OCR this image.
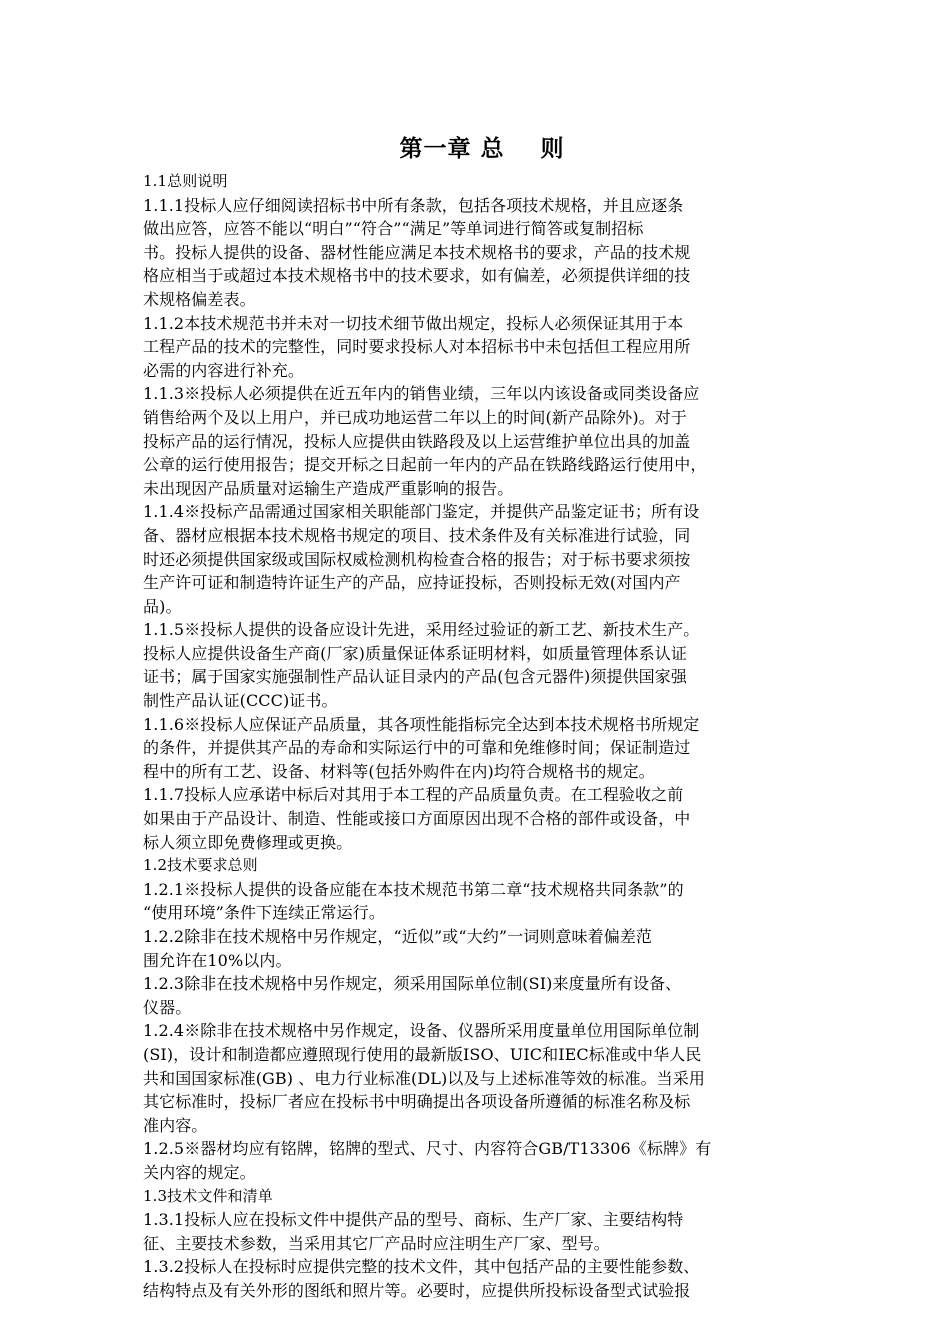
第一章 总    则
1.1总则说明
1.1.1投标人应仔细阅读招标书中所有条款，包括各项技术规格，并且应逐条
做出应答，应答不能以“明白”“符合”“满足”等单词进行简答或复制招标
书。投标人提供的设备、器材性能应满足本技术规格书的要求，产品的技术规
格应相当于或超过本技术规格书中的技术要求，如有偏差，必须提供详细的技
术规格偏差表。
1.1.2本技术规范书并未对一切技术细节做出规定，投标人必须保证其用于本
工程产品的技术的完整性，同时要求投标人对本招标书中未包括但工程应用所
必需的内容进行补充。
1.1.3※投标人必须提供在近五年内的销售业绩，三年以内该设备或同类设备应
销售给两个及以上用户，并已成功地运营二年以上的时间(新产品除外)。对于
投标产品的运行情况，投标人应提供由铁路段及以上运营维护单位出具的加盖
公章的运行使用报告；提交开标之日起前一年内的产品在铁路线路运行使用中，
未出现因产品质量对运输生产造成严重影响的报告。
1.1.4※投标产品需通过国家相关职能部门鉴定，并提供产品鉴定证书；所有设
备、器材应根据本技术规格书规定的项目、技术条件及有关标准进行试验，同
时还必须提供国家级或国际权威检测机构检查合格的报告；对于标书要求须按
生产许可证和制造特许证生产的产品，应持证投标，否则投标无效(对国内产
品)。
1.1.5※投标人提供的设备应设计先进，采用经过验证的新工艺、新技术生产。
投标人应提供设备生产商(厂家)质量保证体系证明材料，如质量管理体系认证
证书；属于国家实施强制性产品认证目录内的产品(包含元器件)须提供国家强
制性产品认证(CCC)证书。
1.1.6※投标人应保证产品质量，其各项性能指标完全达到本技术规格书所规定
的条件，并提供其产品的寿命和实际运行中的可靠和免维修时间；保证制造过
程中的所有工艺、设备、材料等(包括外购件在内)均符合规格书的规定。
1.1.7投标人应承诺中标后对其用于本工程的产品质量负责。在工程验收之前
如果由于产品设计、制造、性能或接口方面原因出现不合格的部件或设备，中
标人须立即免费修理或更换。
1.2技术要求总则
1.2.1※投标人提供的设备应能在本技术规范书第二章“技术规格共同条款”的
“使用环境”条件下连续正常运行。
1.2.2除非在技术规格中另作规定，“近似”或“大约”一词则意味着偏差范
围允许在10%以内。
1.2.3除非在技术规格中另作规定，须采用国际单位制(SI)来度量所有设备、
仪器。
1.2.4※除非在技术规格中另作规定，设备、仪器所采用度量单位用国际单位制
(SI)，设计和制造都应遵照现行使用的最新版ISO、UIC和IEC标准或中华人民
共和国国家标准(GB) 、电力行业标准(DL)以及与上述标准等效的标准。当采用
其它标准时，投标厂者应在投标书中明确提出各项设备所遵循的标准名称及标
准内容。
1.2.5※器材均应有铭牌，铭牌的型式、尺寸、内容符合GB/T13306《标牌》有
关内容的规定。
1.3技术文件和清单
1.3.1投标人应在投标文件中提供产品的型号、商标、生产厂家、主要结构特
征、主要技术参数，当采用其它厂产品时应注明生产厂家、型号。
1.3.2投标人在投标时应提供完整的技术文件，其中包括产品的主要性能参数、
结构特点及有关外形的图纸和照片等。必要时，应提供所投标设备型式试验报
